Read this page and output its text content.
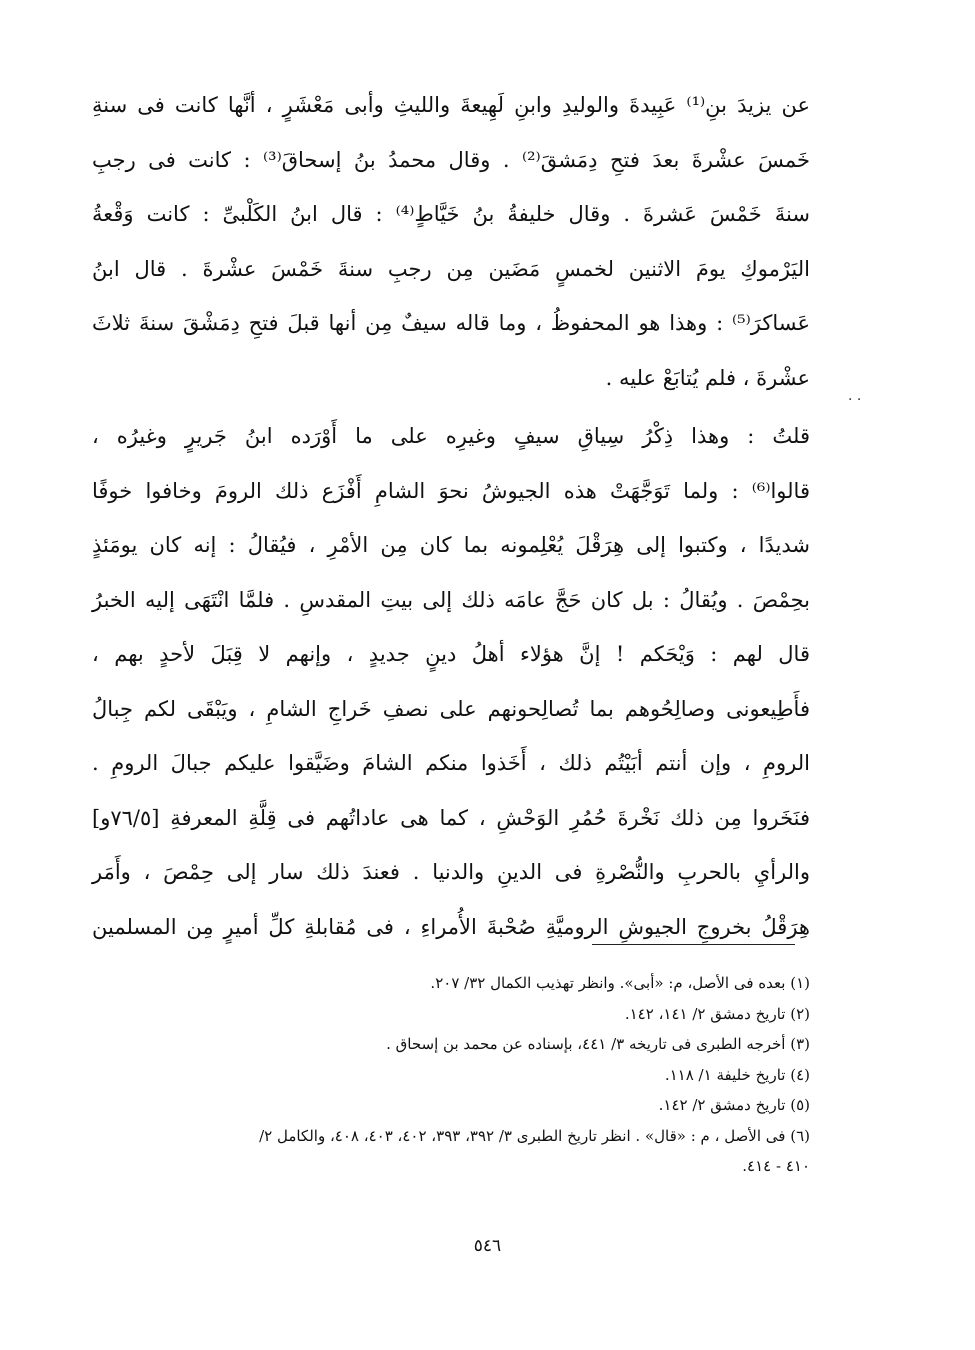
عن يزيدَ بنِ⁽¹⁾ عَبِيدةَ والوليدِ وابنِ لَهِيعةَ والليثِ وأبى مَعْشَرٍ ، أنَّها كانت فى سنةِ
خَمسَ عشْرةَ بعدَ فتحِ دِمَشقَ⁽²⁾ . وقال محمدُ بنُ إسحاقَ⁽³⁾ : كانت فى رجبِ
سنةَ خَمْسَ عَشرةَ . وقال خليفةُ بنُ خَيَّاطٍ⁽⁴⁾ : قال ابنُ الكَلْبىِّ : كانت وَقْعةُ
اليَرْموكِ يومَ الاثنين لخمسٍ مَضَين مِن رجبِ سنةَ خَمْسَ عشْرةَ . قال ابنُ
عَساكرَ⁽⁵⁾ : وهذا هو المحفوظُ ، وما قاله سيفٌ مِن أنها قبلَ فتحِ دِمَشْقَ سنةَ ثلاثَ
عشْرةَ ، فلم يُتابَعْ عليه .
قلتُ : وهذا ذِكْرُ سِياقِ سيفٍ وغيرِه على ما أَوْرَده ابنُ جَريرٍ وغيرُه ،
قالوا⁽⁶⁾ : ولما تَوَجَّهَتْ هذه الجيوشُ نحوَ الشامِ أَفْزَع ذلك الرومَ وخافوا خوفًا
شديدًا ، وكتبوا إلى هِرَقْلَ يُعْلِمونه بما كان مِن الأمْرِ ، فيُقالُ : إنه كان يومَئذٍ
بحِمْصَ . ويُقالُ : بل كان حَجَّ عامَه ذلك إلى بيتِ المقدسِ . فلمَّا انْتَهَى إليه الخبرُ
قال لهم : وَيْحَكم ! إنَّ هؤلاء أهلُ دينٍ جديدٍ ، وإنهم لا قِبَلَ لأحدٍ بهم ،
فأَطِيعونى وصالِحُوهم بما تُصالِحونهم على نصفِ خَراجِ الشامِ ، ويَبْقَى لكم جِبالُ
الرومِ ، وإن أنتم أبَيْتُم ذلك ، أَخَذوا منكم الشامَ وضَيَّقوا عليكم جبالَ الرومِ .
فنَخَروا مِن ذلك نَخْرةَ حُمُرِ الوَحْشِ ، كما هى عاداتُهم فى قِلَّةِ المعرفةِ [٧٦/٥و]
والرأيِ بالحربِ والنُّصْرةِ فى الدينِ والدنيا . فعندَ ذلك سار إلى حِمْصَ ، وأَمَر
هِرَقْلُ بخروجِ الجيوشِ الروميَّةِ صُحْبةَ الأُمراءِ ، فى مُقابلةِ كلِّ أميرٍ مِن المسلمين
· ·
(١) بعده فى الأصل، م: «أبى». وانظر تهذيب الكمال ٣٢/ ٢٠٧.
(٢) تاريخ دمشق ٢/ ١٤١، ١٤٢.
(٣) أخرجه الطبرى فى تاريخه ٣/ ٤٤١، بإسناده عن محمد بن إسحاق .
(٤) تاريخ خليفة ١/ ١١٨.
(٥) تاريخ دمشق ٢/ ١٤٢.
(٦) فى الأصل ، م : «قال» . انظر تاريخ الطبرى ٣/ ٣٩٢، ٣٩٣، ٤٠٢، ٤٠٣، ٤٠٨، والكامل ٢/
٤١٠ - ٤١٤.
٥٤٦
